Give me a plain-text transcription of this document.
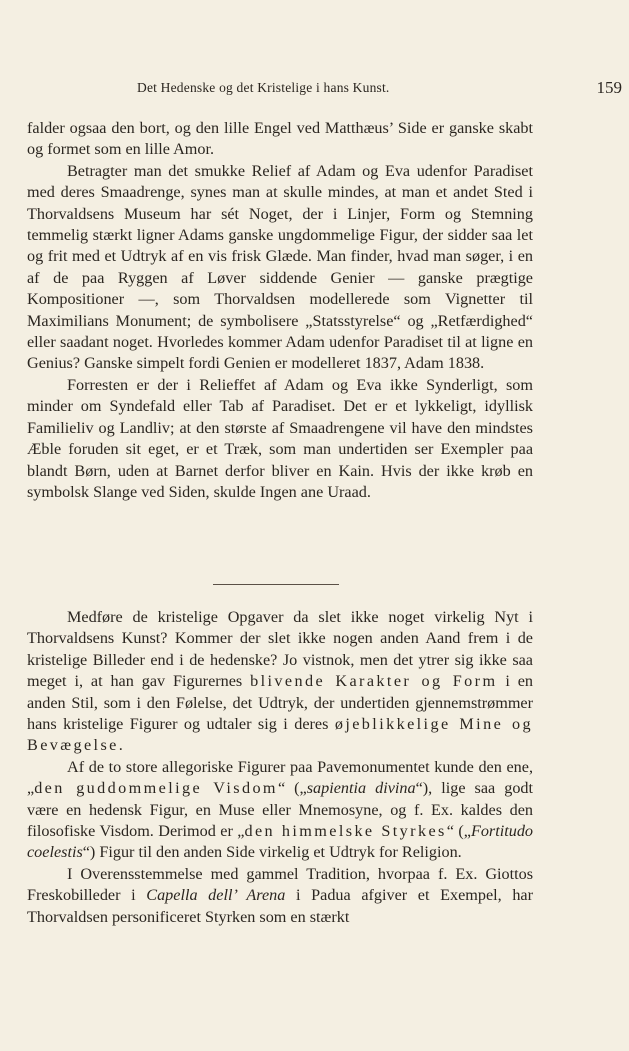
Det Hedenske og det Kristelige i hans Kunst.	159

falder ogsaa den bort, og den lille Engel ved Matthæus’ Side er ganske skabt og formet som en lille Amor.

Betragter man det smukke Relief af Adam og Eva udenfor Paradiset med deres Smaadrenge, synes man at skulle mindes, at man et andet Sted i Thorvaldsens Museum har sét Noget, der i Linjer, Form og Stemning temmelig stærkt ligner Adams ganske ungdommelige Figur, der sidder saa let og frit med et Udtryk af en vis frisk Glæde. Man finder, hvad man søger, i en af de paa Ryggen af Løver siddende Genier — ganske prægtige Kompositioner —, som Thorvaldsen modellerede som Vignetter til Maximilians Monument; de symbolisere „Statsstyrelse“ og „Retfærdighed“ eller saadant noget. Hvorledes kommer Adam udenfor Paradiset til at ligne en Genius? Ganske simpelt fordi Genien er modelleret 1837, Adam 1838.

Forresten er der i Relieffet af Adam og Eva ikke Synderligt, som minder om Syndefald eller Tab af Paradiset. Det er et lykkeligt, idyllisk Familieliv og Landliv; at den største af Smaadrengene vil have den mindstes Æble foruden sit eget, er et Træk, som man undertiden ser Exempler paa blandt Børn, uden at Barnet derfor bliver en Kain. Hvis der ikke krøb en symbolsk Slange ved Siden, skulde Ingen ane Uraad.

Medføre de kristelige Opgaver da slet ikke noget virkelig Nyt i Thorvaldsens Kunst? Kommer der slet ikke nogen anden Aand frem i de kristelige Billeder end i de hedenske? Jo vistnok, men det ytrer sig ikke saa meget i, at han gav Figurernes blivende Karakter og Form i en anden Stil, som i den Følelse, det Udtryk, der undertiden gjennemstrømmer hans kristelige Figurer og udtaler sig i deres øjeblikkelige Mine og Bevægelse.

Af de to store allegoriske Figurer paa Pavemonumentet kunde den ene, „den guddommelige Visdom“ („sapientia divina“), lige saa godt være en hedensk Figur, en Muse eller Mnemosyne, og f. Ex. kaldes den filosofiske Visdom. Derimod er „den himmelske Styrkes“ („Fortitudo coelestis“) Figur til den anden Side virkelig et Udtryk for Religion.

I Overensstemmelse med gammel Tradition, hvorpaa f. Ex. Giottos Freskobilleder i Capella dell’ Arena i Padua afgiver et Exempel, har Thorvaldsen personificeret Styrken som en stærkt
